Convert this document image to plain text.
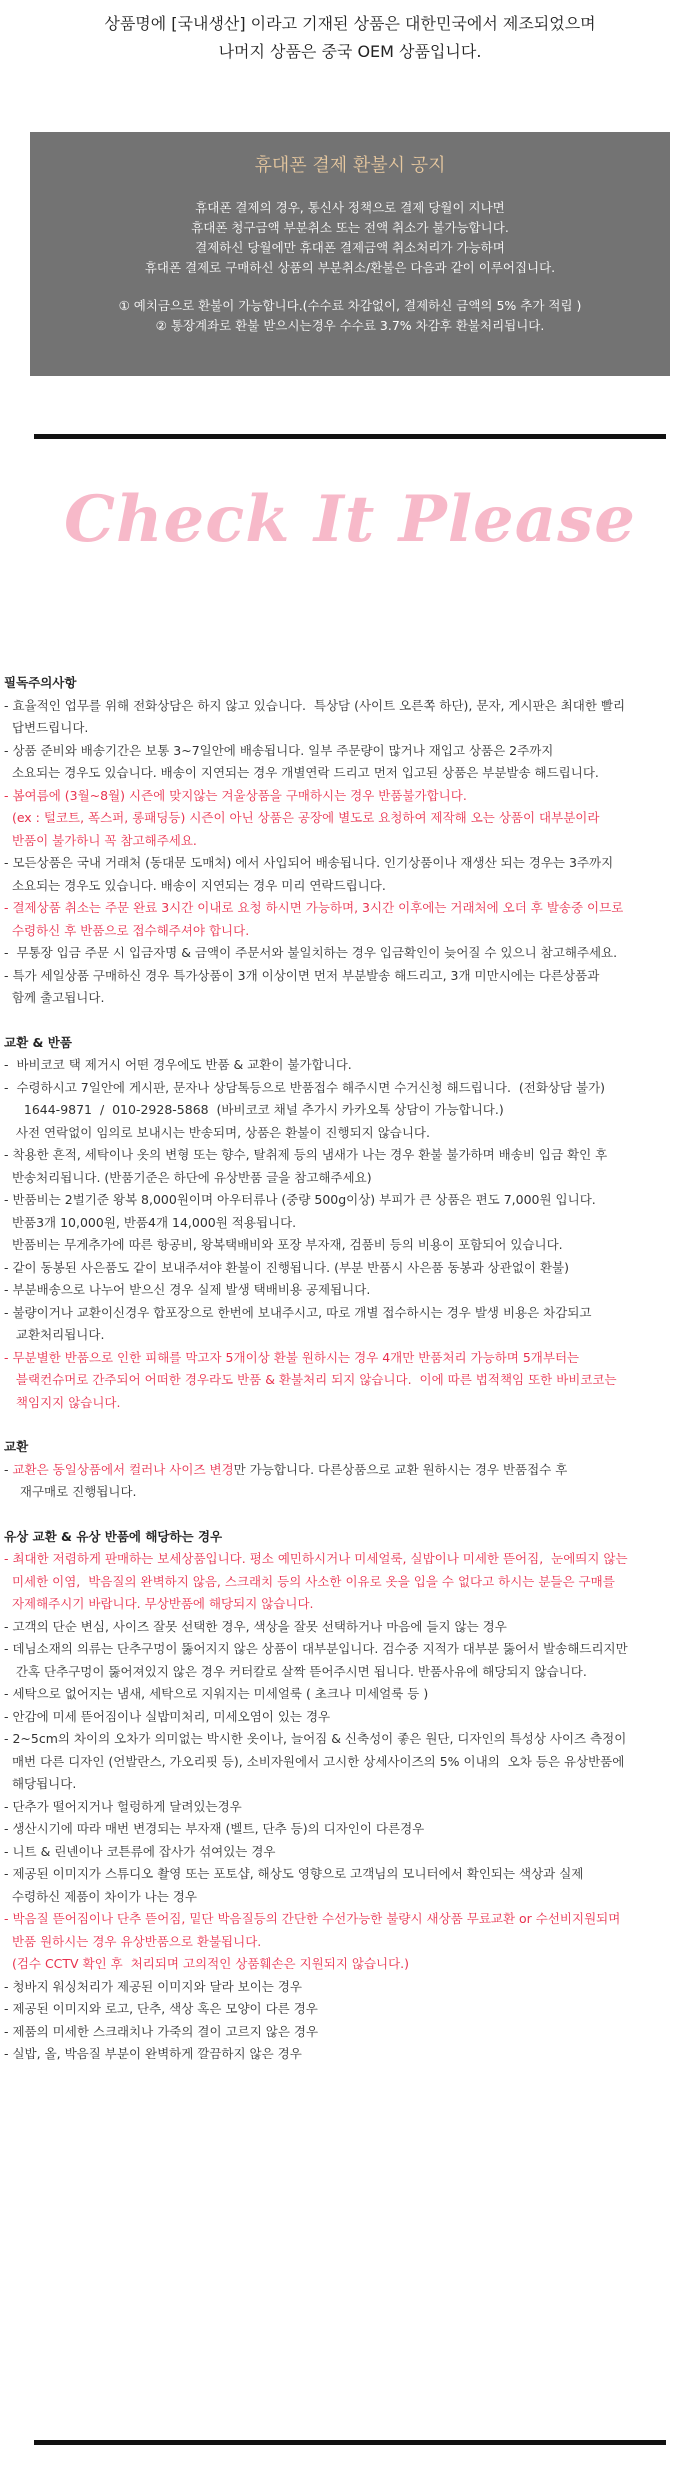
상품명에 [국내생산] 이라고 기재된 상품은 대한민국에서 제조되었으며
나머지 상품은 중국 OEM 상품입니다.
휴대폰 결제 환불시 공지
휴대폰 결제의 경우, 통신사 정책으로 결제 당월이 지나면
휴대폰 청구금액 부분취소 또는 전액 취소가 불가능합니다.
결제하신 당월에만 휴대폰 결제금액 취소처리가 가능하며
휴대폰 결제로 구매하신 상품의 부분취소/환불은 다음과 같이 이루어집니다.
① 예치금으로 환불이 가능합니다.(수수료 차감없이, 결제하신 금액의 5% 추가 적립 )
② 통장계좌로 환불 받으시는경우 수수료 3.7% 차감후 환불처리됩니다.
Check It Please
필독주의사항
- 효율적인 업무를 위해 전화상담은 하지 않고 있습니다.  특상담 (사이트 오른쪽 하단), 문자, 게시판은 최대한 빨리
답변드립니다.
- 상품 준비와 배송기간은 보통 3~7일안에 배송됩니다. 일부 주문량이 많거나 재입고 상품은 2주까지
소요되는 경우도 있습니다. 배송이 지연되는 경우 개별연락 드리고 먼저 입고된 상품은 부분발송 해드립니다.
- 봄여름에 (3월~8월) 시즌에 맞지않는 겨울상품을 구매하시는 경우 반품불가합니다.
(ex : 털코트, 폭스퍼, 롱패딩등) 시즌이 아닌 상품은 공장에 별도로 요청하여 제작해 오는 상품이 대부분이라
반품이 불가하니 꼭 참고해주세요.
- 모든상품은 국내 거래처 (동대문 도매처) 에서 사입되어 배송됩니다. 인기상품이나 재생산 되는 경우는 3주까지
소요되는 경우도 있습니다. 배송이 지연되는 경우 미리 연락드립니다.
- 결제상품 취소는 주문 완료 3시간 이내로 요청 하시면 가능하며, 3시간 이후에는 거래처에 오더 후 발송중 이므로
수령하신 후 반품으로 접수해주셔야 합니다.
-  무통장 입금 주문 시 입금자명 & 금액이 주문서와 불일치하는 경우 입금확인이 늦어질 수 있으니 참고해주세요.
- 특가 세일상품 구매하신 경우 특가상품이 3개 이상이면 먼저 부분발송 해드리고, 3개 미만시에는 다른상품과
함께 출고됩니다.
교환 & 반품
-  바비코코 택 제거시 어떤 경우에도 반품 & 교환이 불가합니다.
-  수령하시고 7일안에 게시판, 문자나 상담톡등으로 반품접수 해주시면 수거신청 해드립니다.  (전화상담 불가)
1644-9871  /  010-2928-5868  (바비코코 채널 추가시 카카오톡 상담이 가능합니다.)
사전 연락없이 임의로 보내시는 반송되며, 상품은 환불이 진행되지 않습니다.
- 착용한 흔적, 세탁이나 옷의 변형 또는 향수, 탈취제 등의 냄새가 나는 경우 환불 불가하며 배송비 입금 확인 후
반송처리됩니다. (반품기준은 하단에 유상반품 글을 참고해주세요)
- 반품비는 2벌기준 왕복 8,000원이며 아우터류나 (중량 500g이상) 부피가 큰 상품은 편도 7,000원 입니다.
반품3개 10,000원, 반품4개 14,000원 적용됩니다.
반품비는 무게추가에 따른 항공비, 왕복택배비와 포장 부자재, 검품비 등의 비용이 포함되어 있습니다.
- 같이 동봉된 사은품도 같이 보내주셔야 환불이 진행됩니다. (부분 반품시 사은품 동봉과 상관없이 환불)
- 부분배송으로 나누어 받으신 경우 실제 발생 택배비용 공제됩니다.
- 불량이거나 교환이신경우 합포장으로 한번에 보내주시고, 따로 개별 접수하시는 경우 발생 비용은 차감되고
교환처리됩니다.
- 무분별한 반품으로 인한 피해를 막고자 5개이상 환불 원하시는 경우 4개만 반품처리 가능하며 5개부터는
블랙컨슈머로 간주되어 어떠한 경우라도 반품 & 환불처리 되지 않습니다.  이에 따른 법적책임 또한 바비코코는
책임지지 않습니다.
교환
- 교환은 동일상품에서 컬러나 사이즈 변경만 가능합니다. 다른상품으로 교환 원하시는 경우 반품접수 후
재구매로 진행됩니다.
유상 교환 & 유상 반품에 해당하는 경우
- 최대한 저렴하게 판매하는 보세상품입니다. 평소 예민하시거나 미세얼룩, 실밥이나 미세한 뜯어짐,  눈에띄지 않는
미세한 이염,  박음질의 완벽하지 않음, 스크래치 등의 사소한 이유로 옷을 입을 수 없다고 하시는 분들은 구매를
자제해주시기 바랍니다. 무상반품에 해당되지 않습니다.
- 고객의 단순 변심, 사이즈 잘못 선택한 경우, 색상을 잘못 선택하거나 마음에 들지 않는 경우
- 데님소재의 의류는 단추구멍이 뚫어지지 않은 상품이 대부분입니다. 검수중 지적가 대부분 뚫어서 발송해드리지만
간혹 단추구멍이 뚫어져있지 않은 경우 커터칼로 살짝 뜯어주시면 됩니다. 반품사유에 해당되지 않습니다.
- 세탁으로 없어지는 냄새, 세탁으로 지워지는 미세얼룩 ( 초크나 미세얼룩 등 )
- 안감에 미세 뜯어짐이나 실밥미처리, 미세오염이 있는 경우
- 2~5cm의 차이의 오차가 의미없는 박시한 옷이나, 늘어짐 & 신축성이 좋은 원단, 디자인의 특성상 사이즈 측정이
매번 다른 디자인 (언발란스, 가오리핏 등), 소비자원에서 고시한 상세사이즈의 5% 이내의  오차 등은 유상반품에
해당됩니다.
- 단추가 떨어지거나 헐렁하게 달려있는경우
- 생산시기에 따라 매번 변경되는 부자재 (벨트, 단추 등)의 디자인이 다른경우
- 니트 & 린넨이나 코튼류에 잡사가 섞여있는 경우
- 제공된 이미지가 스튜디오 촬영 또는 포토샵, 해상도 영향으로 고객님의 모니터에서 확인되는 색상과 실제
수령하신 제품이 차이가 나는 경우
- 박음질 뜯어짐이나 단추 뜯어짐, 밑단 박음질등의 간단한 수선가능한 불량시 새상품 무료교환 or 수선비지원되며
반품 원하시는 경우 유상반품으로 환불됩니다.
(검수 CCTV 확인 후  처리되며 고의적인 상품훼손은 지원되지 않습니다.)
- 청바지 워싱처리가 제공된 이미지와 달라 보이는 경우
- 제공된 이미지와 로고, 단추, 색상 혹은 모양이 다른 경우
- 제품의 미세한 스크래치나 가죽의 결이 고르지 않은 경우
- 실밥, 올, 박음질 부분이 완벽하게 깔끔하지 않은 경우
